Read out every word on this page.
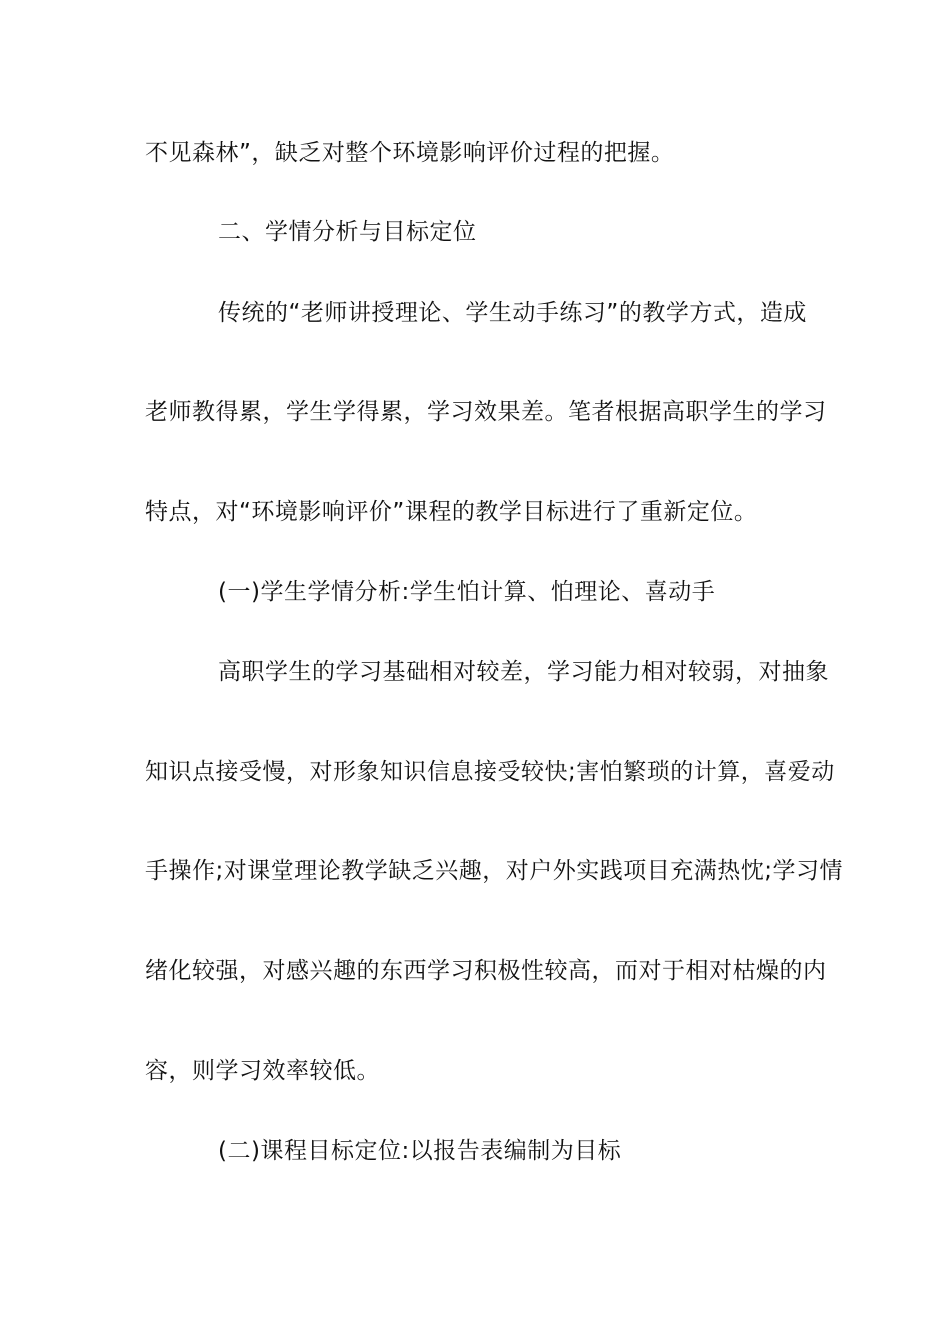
不见森林”，缺乏对整个环境影响评价过程的把握。
二、学情分析与目标定位
传统的“老师讲授理论、学生动手练习”的教学方式，造成
老师教得累，学生学得累，学习效果差。笔者根据高职学生的学习
特点，对“环境影响评价”课程的教学目标进行了重新定位。
(一)学生学情分析:学生怕计算、怕理论、喜动手
高职学生的学习基础相对较差，学习能力相对较弱，对抽象
知识点接受慢，对形象知识信息接受较快;害怕繁琐的计算，喜爱动
手操作;对课堂理论教学缺乏兴趣，对户外实践项目充满热忱;学习情
绪化较强，对感兴趣的东西学习积极性较高，而对于相对枯燥的内
容，则学习效率较低。
(二)课程目标定位:以报告表编制为目标
